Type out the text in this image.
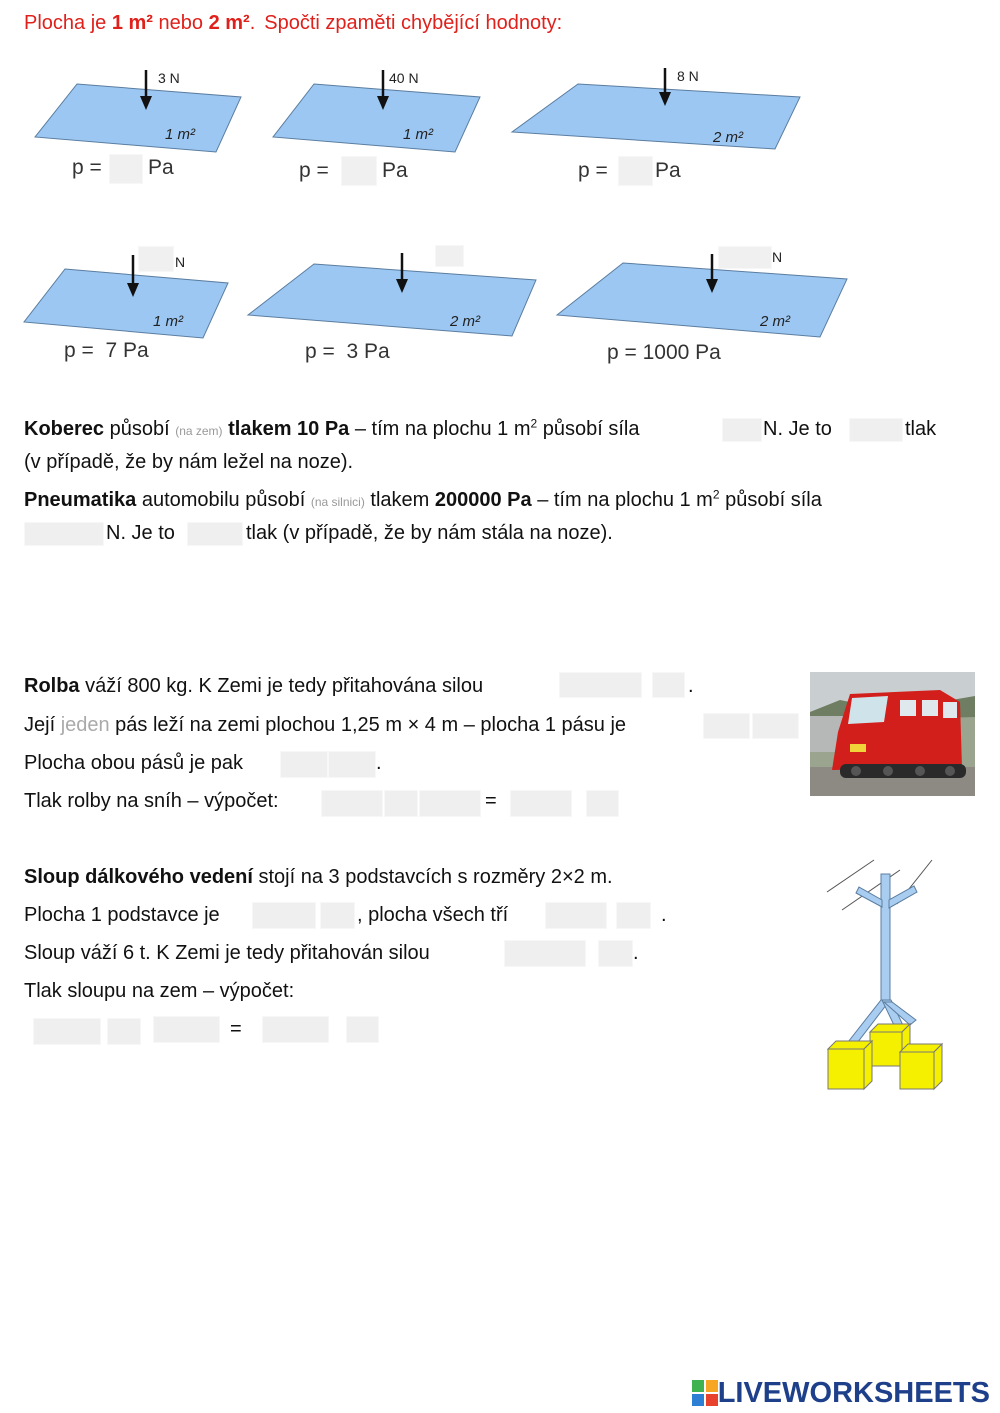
Plocha je 1 m² nebo 2 m². Spočti zpaměti chybějící hodnoty:
3 N	40 N	8 N
1 m²	1 m²	2 m²
p = Pa	p =	Pa	p = Pa
N	N
1 m²	2 m²	2 m²
p =  7 Pa	p =  3 Pa	p = 1000 Pa
Koberec působí (na zem) tlakem 10 Pa – tím na plochu 1 $m^2$ působí síla	N. Je to	tlak
(v případě, že by nám ležel na noze).
Pneumatika automobilu působí (na silnici) tlakem 200000 Pa – tím na plochu 1 $m^2$ působí síla
N. Je to	tlak (v případě, že by nám stála na noze).
Rolba váží 800 kg. K Zemi je tedy přitahována silou	.
Její jeden pás leží na zemi plochou 1,25 m × 4 m – plocha 1 pásu je
Plocha obou pásů je pak	.
Tlak rolby na sníh – výpočet:	=
Sloup dálkového vedení stojí na 3 podstavcích s rozměry 2×2 m.
Plocha 1 podstavce je	, plocha všech tří	.
Sloup váží 6 t. K Zemi je tedy přitahován silou	.
Tlak sloupu na zem – výpočet:
=
LIVEWORKSHEETS
